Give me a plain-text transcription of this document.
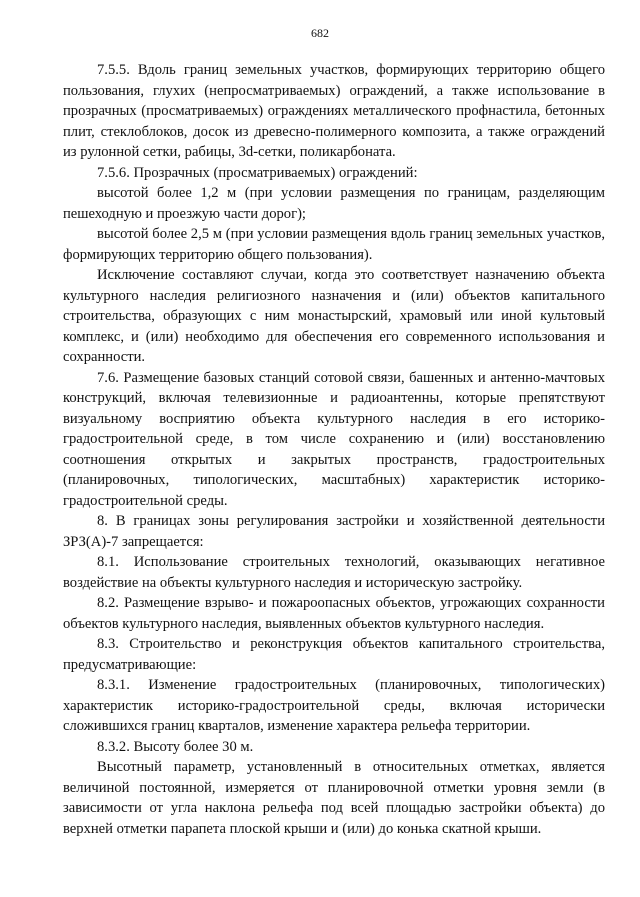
682

7.5.5. Вдоль границ земельных участков, формирующих территорию общего пользования, глухих (непросматриваемых) ограждений, а также использование в прозрачных (просматриваемых) ограждениях металлического профнастила, бетонных плит, стеклоблоков, досок из древесно-полимерного композита, а также ограждений из рулонной сетки, рабицы, 3d-сетки, поликарбоната.

7.5.6. Прозрачных (просматриваемых) ограждений:

высотой более 1,2 м (при условии размещения по границам, разделяющим пешеходную и проезжую части дорог);

высотой более 2,5 м (при условии размещения вдоль границ земельных участков, формирующих территорию общего пользования).

Исключение составляют случаи, когда это соответствует назначению объекта культурного наследия религиозного назначения и (или) объектов капитального строительства, образующих с ним монастырский, храмовый или иной культовый комплекс, и (или) необходимо для обеспечения его современного использования и сохранности.

7.6. Размещение базовых станций сотовой связи, башенных и антенно-мачтовых конструкций, включая телевизионные и радиоантенны, которые препятствуют визуальному восприятию объекта культурного наследия в его историко-градостроительной среде, в том числе сохранению и (или) восстановлению соотношения открытых и закрытых пространств, градостроительных (планировочных, типологических, масштабных) характеристик историко-градостроительной среды.

8. В границах зоны регулирования застройки и хозяйственной деятельности ЗРЗ(А)-7 запрещается:

8.1. Использование строительных технологий, оказывающих негативное воздействие на объекты культурного наследия и историческую застройку.

8.2. Размещение взрыво- и пожароопасных объектов, угрожающих сохранности объектов культурного наследия, выявленных объектов культурного наследия.

8.3. Строительство и реконструкция объектов капитального строительства, предусматривающие:

8.3.1. Изменение градостроительных (планировочных, типологических) характеристик историко-градостроительной среды, включая исторически сложившихся границ кварталов, изменение характера рельефа территории.

8.3.2. Высоту более 30 м.

Высотный параметр, установленный в относительных отметках, является величиной постоянной, измеряется от планировочной отметки уровня земли (в зависимости от угла наклона рельефа под всей площадью застройки объекта) до верхней отметки парапета плоской крыши и (или) до конька скатной крыши.
